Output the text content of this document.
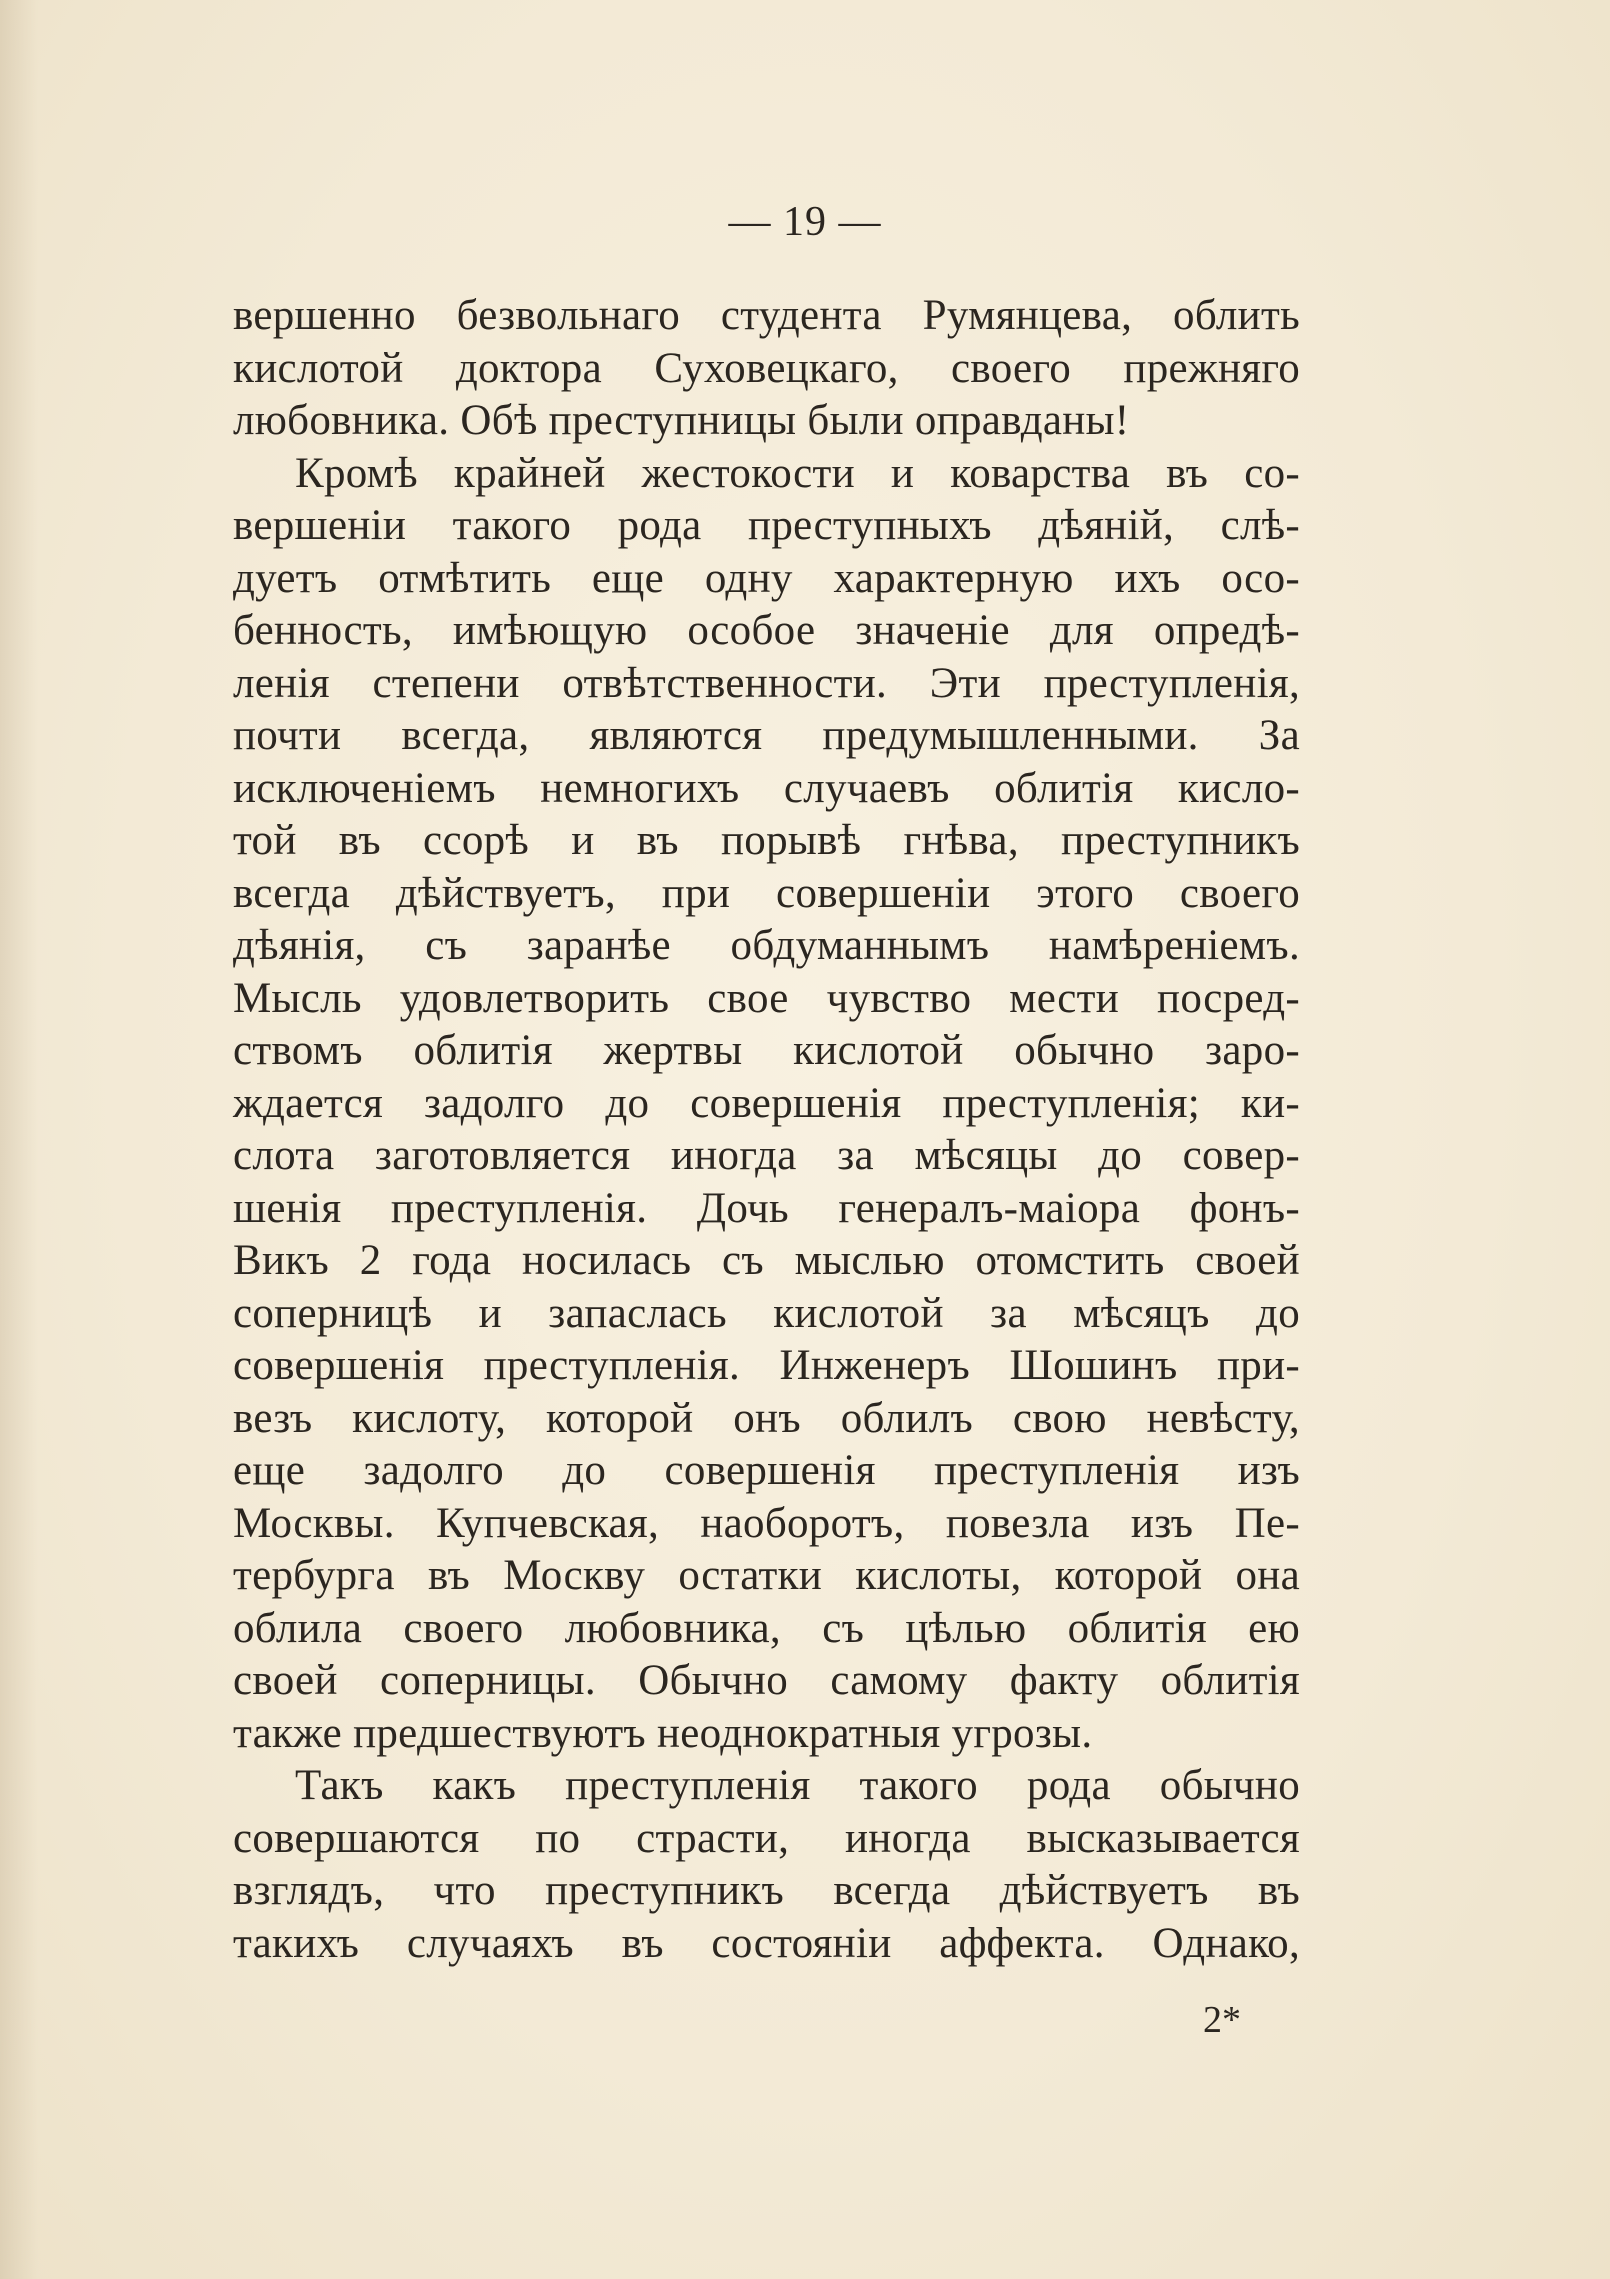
— 19 —
вершенно безвольнаго студента Румянцева, облить
кислотой доктора Суховецкаго, своего прежняго
любовника. Обѣ преступницы были оправданы!
Кромѣ крайней жестокости и коварства въ со-
вершенiи такого рода преступныхъ дѣянiй, слѣ-
дуетъ отмѣтить еще одну характерную ихъ осо-
бенность, имѣющую особое значенiе для опредѣ-
ленiя степени отвѣтственности. Эти преступленiя,
почти всегда, являются предумышленными. За
исключенiемъ немногихъ случаевъ облитiя кисло-
той въ ссорѣ и въ порывѣ гнѣва, преступникъ
всегда дѣйствуетъ, при совершенiи этого своего
дѣянiя, съ заранѣе обдуманнымъ намѣренiемъ.
Мысль удовлетворить свое чувство мести посред-
ствомъ облитiя жертвы кислотой обычно заро-
ждается задолго до совершенiя преступленiя; ки-
слота заготовляется иногда за мѣсяцы до совер-
шенiя преступленiя. Дочь генералъ-маiора фонъ-
Викъ 2 года носилась съ мыслью отомстить своей
соперницѣ и запаслась кислотой за мѣсяцъ до
совершенiя преступленiя. Инженеръ Шошинъ при-
везъ кислоту, которой онъ облилъ свою невѣсту,
еще задолго до совершенiя преступленiя изъ
Москвы. Купчевская, наоборотъ, повезла изъ Пе-
тербурга въ Москву остатки кислоты, которой она
облила своего любовника, съ цѣлью облитiя ею
своей соперницы. Обычно самому факту облитiя
также предшествуютъ неоднократныя угрозы.
Такъ какъ преступленiя такого рода обычно
совершаются по страсти, иногда высказывается
взглядъ, что преступникъ всегда дѣйствуетъ въ
такихъ случаяхъ въ состоянiи аффекта. Однако,
2*
